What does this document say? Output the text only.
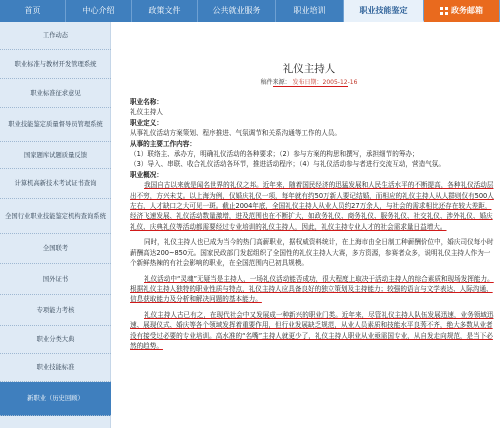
首页	中心介绍	政策文件	公共就业服务	职业培训	职业技能鉴定	政务邮箱
工作动态
职业标准与教材开发管理系统
职业标准征求意见
职业技能鉴定质量督导员管理系统
国家题库试题质量反馈
计算机高新技术考试证书查询
全国行业职业技能鉴定机构查询系统
全国联考
国外证书
专项能力考核
职业分类大典
职业技能标准
新职业（历史回顾）
礼仪主持人
稿件来源： 发布日期：2005-12-16

职业名称：

礼仪主持人

职业定义：

从事礼仪活动方案策划、程序推进、气氛调节和关系沟通等工作的人员。

从事的主要工作内容：

（1）联络主、承办方，明确礼仪活动的各种要求；（2）参与方案的构思和撰写，承担细节的筹办；

（3）导入、串联、收合礼仪活动各环节，推进活动程序；（4）与礼仪活动参与者进行交流互动，营造气氛。

职业概况：

我国自古以来就是闻名世界的礼仪之邦。近年来，随着国民经济的迅猛发展和人民生活水平的不断提高，各种礼仪活动层出不穷，方兴未艾。以上海为例，仅婚庆礼仪一项，每年就有约50万新人要记结婚，而相应的礼仪主持人从人群则仅有500人左右，人才缺口之大可见一斑。截止2004年底，全国礼仪主持人从业人员约27万余人，与社会的需求相比还存在较大差距，经济飞速发展、礼仪活动数量激增，进及范围也在不断扩大，如政务礼仪、商务礼仪、服务礼仪、社交礼仪、涉外礼仪、婚庆礼仪、庆典礼仪等活动都需要经过专业培训的礼仪主持人，因此，礼仪主持专业人才的社会需求量日益增大。

同时，礼仪主持人也已成为当今的热门高薪职业，据权威资料统计，在上海市由全日制工种薪酬价位中，婚庆司仪每小时薪酬高达200~850元。国家民政部门发起组织了全国性的礼仪主持人大赛，多方资源，参赛者众多，说明礼仪主持人作为一个新鲜热辣的有社会影响的职业，在全国范围内已初具规模。

礼仪活动中“灵魂”无疑当是主持人，一场礼仪活动能否成功，很大程度上取决于活动主持人的综合素质和现场发挥能力。根据礼仪主持人独特的职业性质与特点，礼仪主持人应具备良好的独立策划及主持能力；较强的语言与文学表达、人际沟通、信息获取能力及分析和解决问题的基本能力。

礼仪主持人古已有之，在现代社会中又发展成一种新兴的职业门类。近年来，尽管礼仪主持人队伍发展迅速，业务领域迅速、展现仪式、婚庆等各个领域发挥着重要作用，但行业发展缺乏规范，从业人员素质和技能水平良莠不齐，绝大多数从业者没有接受过必要的专业培训。高水准的“名嘴”主持人就更少了，礼仪主持人职业从业亟需国专业，从自发走向规范，是当下必然的趋势。
